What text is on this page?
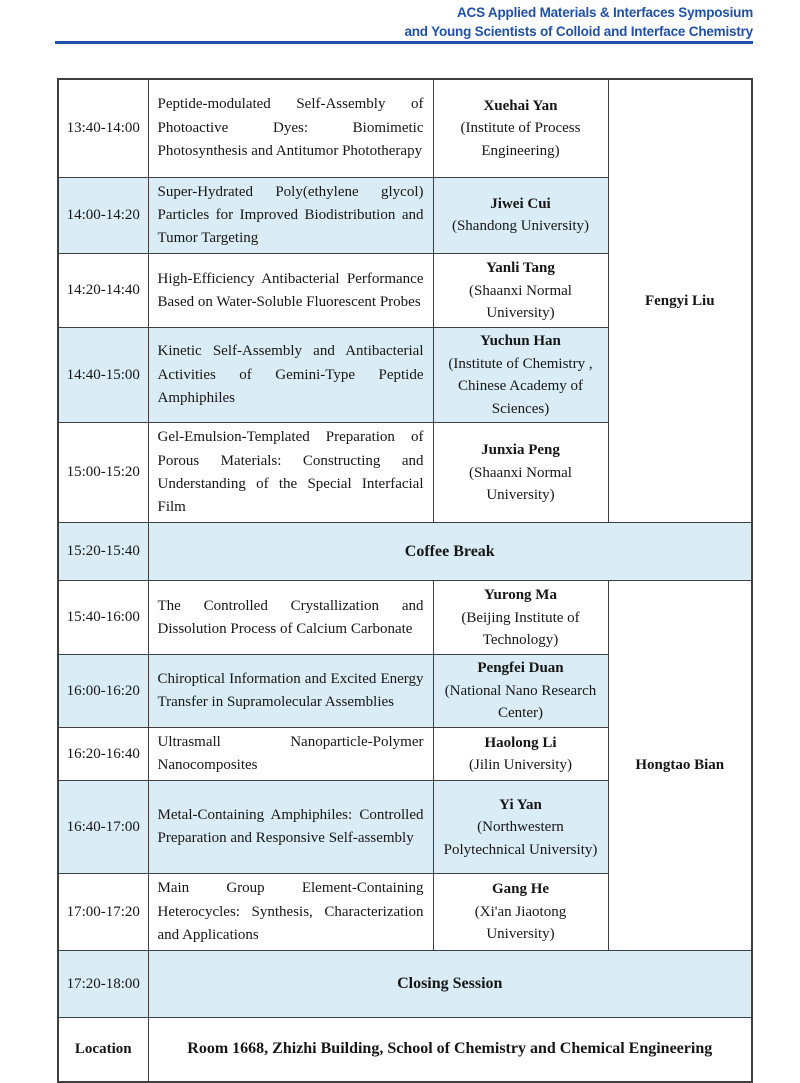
ACS Applied Materials & Interfaces Symposium
and Young Scientists of Colloid and Interface Chemistry
13:40-14:00	Peptide-modulated Self-Assembly of Photoactive Dyes: Biomimetic Photosynthesis and Antitumor Phototherapy	Xuehai Yan
(Institute of Process Engineering)	Fengyi Liu
14:00-14:20	Super-Hydrated Poly(ethylene glycol) Particles for Improved Biodistribution and Tumor Targeting	Jiwei Cui
(Shandong University)	

14:20-14:40	High-Efficiency Antibacterial Performance Based on Water-Soluble Fluorescent Probes	Yanli Tang
(Shaanxi Normal University)	

14:40-15:00	Kinetic Self-Assembly and Antibacterial Activities of Gemini-Type Peptide Amphiphiles	Yuchun Han
(Institute of Chemistry , Chinese Academy of Sciences)	

15:00-15:20	Gel-Emulsion-Templated Preparation of Porous Materials: Constructing and Understanding of the Special Interfacial Film	Junxia Peng
(Shaanxi Normal University)	

15:20-15:40	Coffee Break		
15:40-16:00	The Controlled Crystallization and Dissolution Process of Calcium Carbonate	Yurong Ma
(Beijing Institute of Technology)	Hongtao Bian
16:00-16:20	Chiroptical Information and Excited Energy Transfer in Supramolecular Assemblies	Pengfei Duan
(National Nano Research Center)	

16:20-16:40	Ultrasmall Nanoparticle-Polymer Nanocomposites	Haolong Li
(Jilin University)	

16:40-17:00	Metal-Containing Amphiphiles: Controlled Preparation and Responsive Self-assembly	Yi Yan
(Northwestern Polytechnical University)	

17:00-17:20	Main Group Element-Containing Heterocycles: Synthesis, Characterization and Applications	Gang He
(Xi'an Jiaotong University)	

17:20-18:00	Closing Session		
Location	Room 1668, Zhizhi Building, School of Chemistry and Chemical Engineering		
